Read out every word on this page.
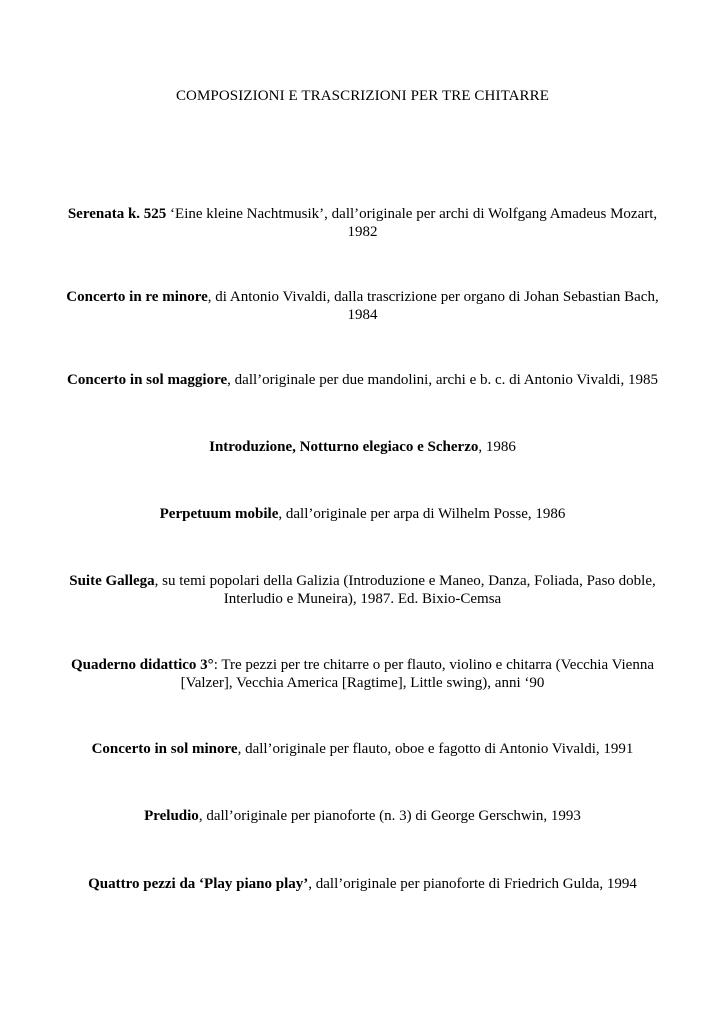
COMPOSIZIONI E TRASCRIZIONI PER TRE CHITARRE
Serenata k. 525 ‘Eine kleine Nachtmusik’, dall’originale per archi di Wolfgang Amadeus Mozart, 1982
Concerto in re minore, di Antonio Vivaldi, dalla trascrizione per organo di Johan Sebastian Bach, 1984
Concerto in sol maggiore, dall’originale per due mandolini, archi e b. c. di Antonio Vivaldi, 1985
Introduzione, Notturno elegiaco e Scherzo, 1986
Perpetuum mobile, dall’originale per arpa di Wilhelm Posse, 1986
Suite Gallega, su temi popolari della Galizia (Introduzione e Maneo, Danza, Foliada, Paso doble, Interludio e Muneira), 1987. Ed. Bixio-Cemsa
Quaderno didattico 3°: Tre pezzi per tre chitarre o per flauto, violino e chitarra (Vecchia Vienna [Valzer], Vecchia America [Ragtime], Little swing), anni ‘90
Concerto in sol minore, dall’originale per flauto, oboe e fagotto di Antonio Vivaldi, 1991
Preludio, dall’originale per pianoforte (n. 3) di George Gerschwin, 1993
Quattro pezzi da ‘Play piano play’, dall’originale per pianoforte di Friedrich Gulda, 1994
